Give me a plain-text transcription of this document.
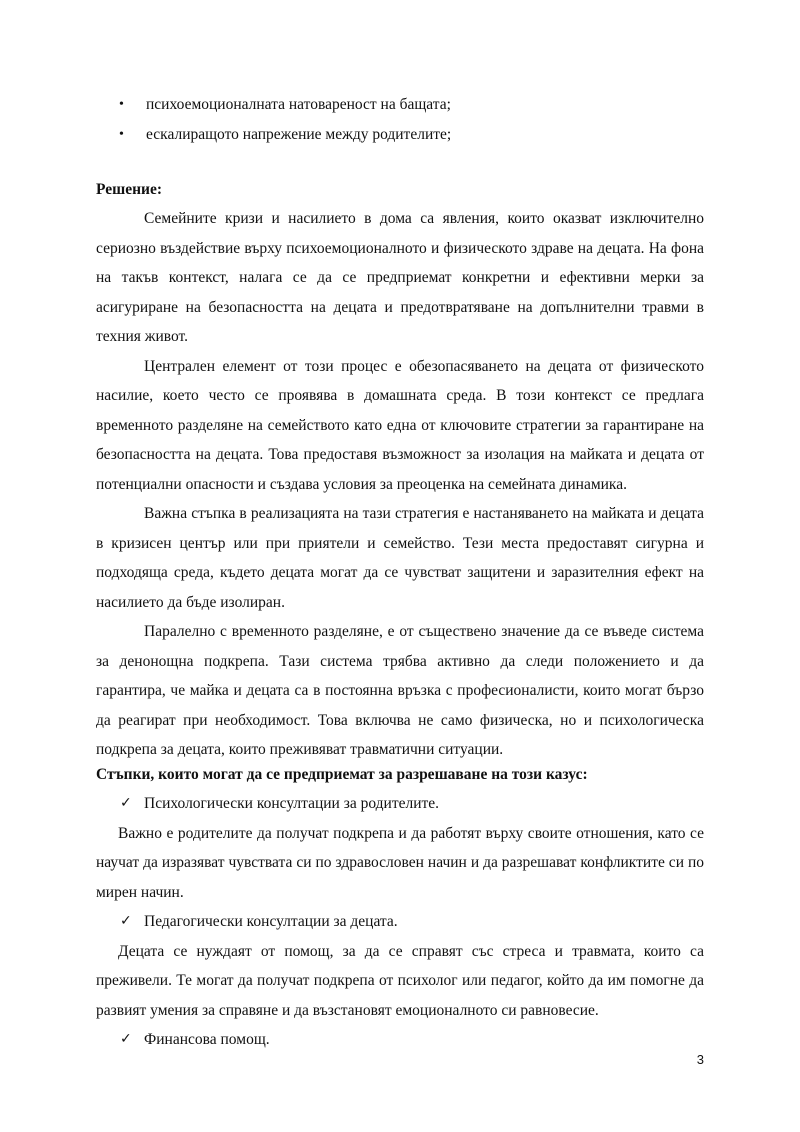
• психоемоционалната натовареност на бащата;
• ескалиращото напрежение между родителите;

Решение:

Семейните кризи и насилието в дома са явления, които оказват изключително сериозно въздействие върху психоемоционалното и физическото здраве на децата. На фона на такъв контекст, налага се да се предприемат конкретни и ефективни мерки за асигуриране на безопасността на децата и предотвратяване на допълнителни травми в техния живот.

Централен елемент от този процес е обезопасяването на децата от физическото насилие, което често се проявява в домашната среда. В този контекст се предлага временното разделяне на семейството като една от ключовите стратегии за гарантиране на безопасността на децата. Това предоставя възможност за изолация на майката и децата от потенциални опасности и създава условия за преоценка на семейната динамика.

Важна стъпка в реализацията на тази стратегия е настаняването на майката и децата в кризисен център или при приятели и семейство. Тези места предоставят сигурна и подходяща среда, където децата могат да се чувстват защитени и заразителния ефект на насилието да бъде изолиран.

Паралелно с временното разделяне, е от съществено значение да се въведе система за денонощна подкрепа. Тази система трябва активно да следи положението и да гарантира, че майка и децата са в постоянна връзка с професионалисти, които могат бързо да реагират при необходимост. Това включва не само физическа, но и психологическа подкрепа за децата, които преживяват травматични ситуации.

Стъпки, които могат да се предприемат за разрешаване на този казус:

✓ Психологически консултации за родителите.

Важно е родителите да получат подкрепа и да работят върху своите отношения, като се научат да изразяват чувствата си по здравословен начин и да разрешават конфликтите си по мирен начин.

✓ Педагогически консултации за децата.

Децата се нуждаят от помощ, за да се справят със стреса и травмата, които са преживели. Те могат да получат подкрепа от психолог или педагог, който да им помогне да развият умения за справяне и да възстановят емоционалното си равновесие.

✓ Финансова помощ.

3
